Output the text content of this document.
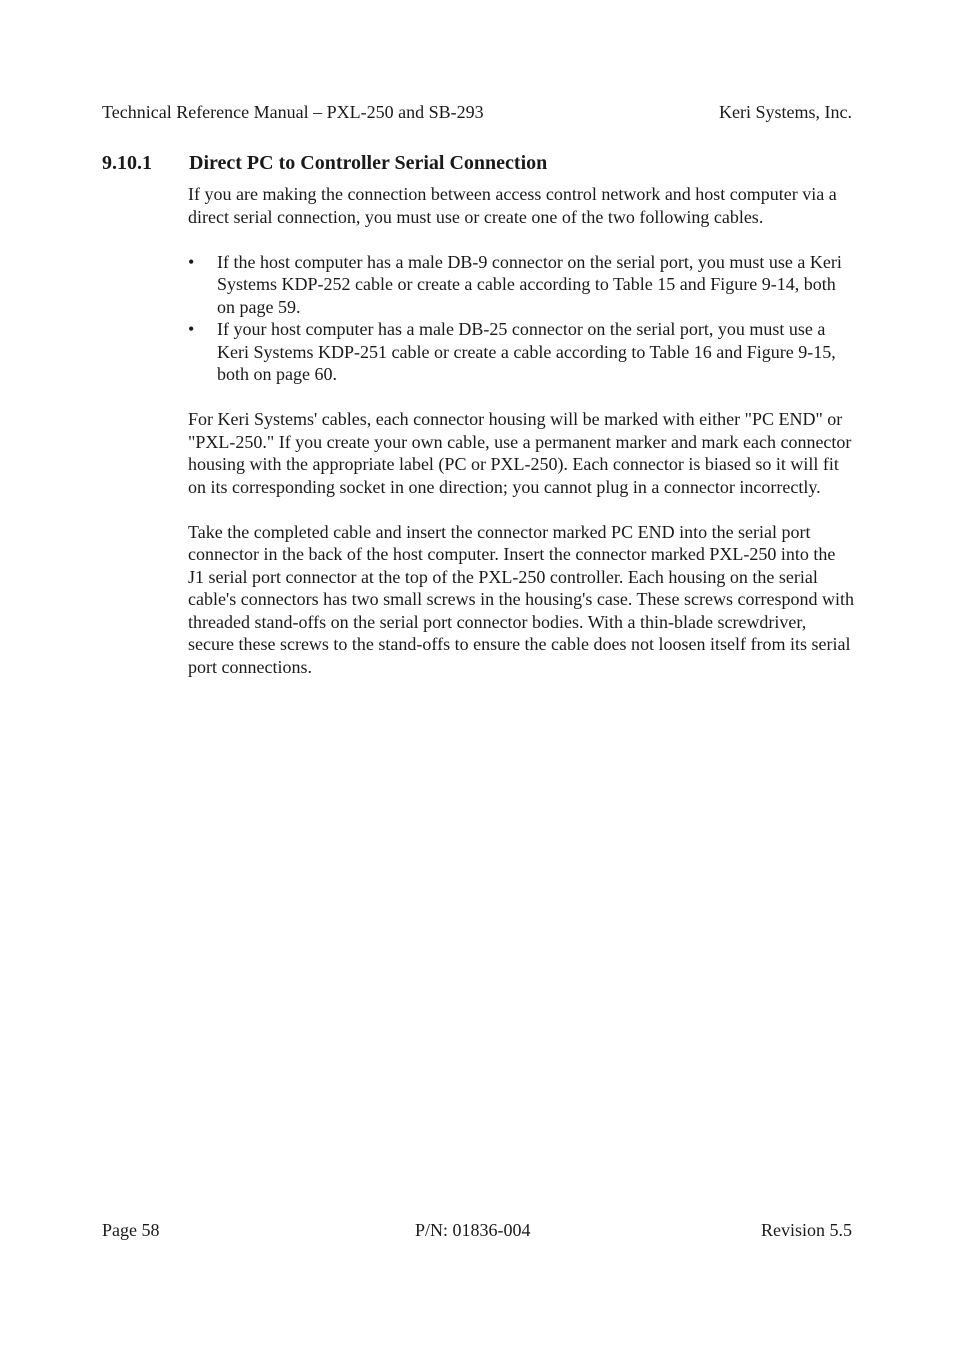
Technical Reference Manual – PXL-250 and SB-293	Keri Systems, Inc.
9.10.1 Direct PC to Controller Serial Connection

If you are making the connection between access control network and host computer via a direct serial connection, you must use or create one of the two following cables.

• If the host computer has a male DB-9 connector on the serial port, you must use a Keri Systems KDP-252 cable or create a cable according to Table 15 and Figure 9-14, both on page 59.
• If your host computer has a male DB-25 connector on the serial port, you must use a Keri Systems KDP-251 cable or create a cable according to Table 16 and Figure 9-15, both on page 60.

For Keri Systems' cables, each connector housing will be marked with either "PC END" or "PXL-250." If you create your own cable, use a permanent marker and mark each connector housing with the appropriate label (PC or PXL-250). Each connector is biased so it will fit on its corresponding socket in one direction; you cannot plug in a connector incorrectly.

Take the completed cable and insert the connector marked PC END into the serial port connector in the back of the host computer. Insert the connector marked PXL-250 into the J1 serial port connector at the top of the PXL-250 controller. Each housing on the serial cable's connectors has two small screws in the housing's case. These screws correspond with threaded stand-offs on the serial port connector bodies. With a thin-blade screwdriver, secure these screws to the stand-offs to ensure the cable does not loosen itself from its serial port connections.

Page 58	P/N: 01836-004	Revision 5.5
